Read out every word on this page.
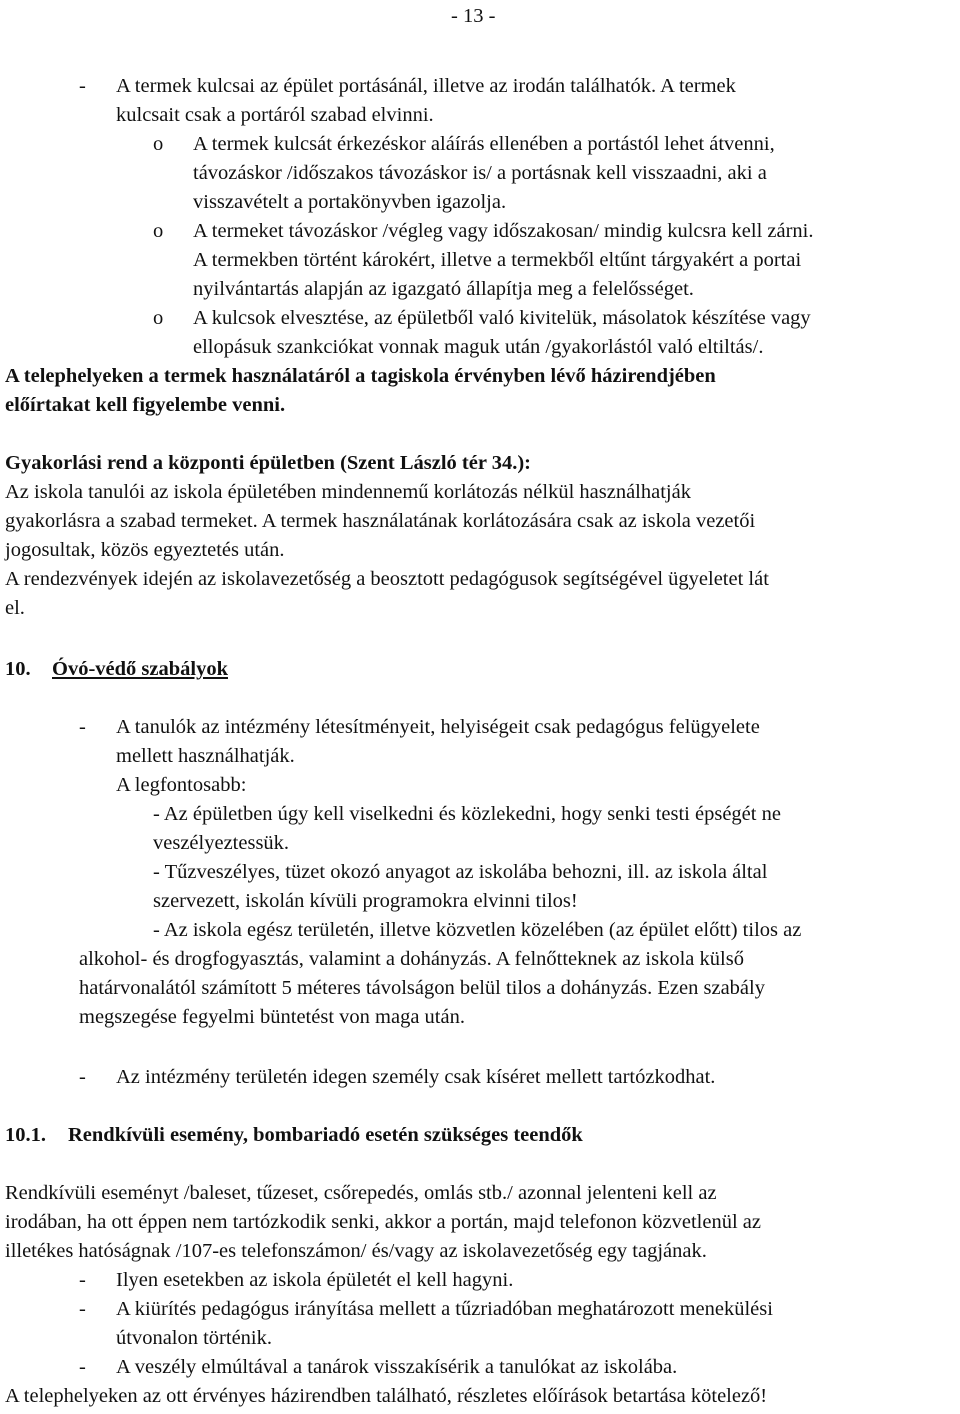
- 13 -
- A termek kulcsai az épület portásánál, illetve az irodán találhatók. A termek
kulcsait csak a portáról szabad elvinni.
o A termek kulcsát érkezéskor aláírás ellenében a portástól lehet átvenni,
távozáskor /időszakos távozáskor is/ a portásnak kell visszaadni, aki a
visszavételt a portakönyvben igazolja.
o A termeket távozáskor /végleg vagy időszakosan/ mindig kulcsra kell zárni.
A termekben történt károkért, illetve a termekből eltűnt tárgyakért a portai
nyilvántartás alapján az igazgató állapítja meg a felelősséget.
o A kulcsok elvesztése, az épületből való kivitelük, másolatok készítése vagy
ellopásuk szankciókat vonnak maguk után /gyakorlástól való eltiltás/.
A telephelyeken a termek használatáról a tagiskola érvényben lévő házirendjében
előírtakat kell figyelembe venni.
Gyakorlási rend a központi épületben (Szent László tér 34.):
Az iskola tanulói az iskola épületében mindennemű korlátozás nélkül használhatják
gyakorlásra a szabad termeket. A termek használatának korlátozására csak az iskola vezetői
jogosultak, közös egyeztetés után.
A rendezvények idején az iskolavezetőség a beosztott pedagógusok segítségével ügyeletet lát
el.
10. Óvó-védő szabályok
- A tanulók az intézmény létesítményeit, helyiségeit csak pedagógus felügyelete
mellett használhatják.
A legfontosabb:
- Az épületben úgy kell viselkedni és közlekedni, hogy senki testi épségét ne
veszélyeztessük.
- Tűzveszélyes, tüzet okozó anyagot az iskolába behozni, ill. az iskola által
szervezett, iskolán kívüli programokra elvinni tilos!
- Az iskola egész területén, illetve közvetlen közelében (az épület előtt) tilos az
alkohol- és drogfogyasztás, valamint a dohányzás. A felnőtteknek az iskola külső
határvonalától számított 5 méteres távolságon belül tilos a dohányzás. Ezen szabály
megszegése fegyelmi büntetést von maga után.
- Az intézmény területén idegen személy csak kíséret mellett tartózkodhat.
10.1. Rendkívüli esemény, bombariadó esetén szükséges teendők
Rendkívüli eseményt /baleset, tűzeset, csőrepedés, omlás stb./ azonnal jelenteni kell az
irodában, ha ott éppen nem tartózkodik senki, akkor a portán, majd telefonon közvetlenül az
illetékes hatóságnak /107-es telefonszámon/ és/vagy az iskolavezetőség egy tagjának.
- Ilyen esetekben az iskola épületét el kell hagyni.
- A kiürítés pedagógus irányítása mellett a tűzriadóban meghatározott menekülési
útvonalon történik.
- A veszély elmúltával a tanárok visszakísérik a tanulókat az iskolába.
A telephelyeken az ott érvényes házirendben található, részletes előírások betartása kötelező!
